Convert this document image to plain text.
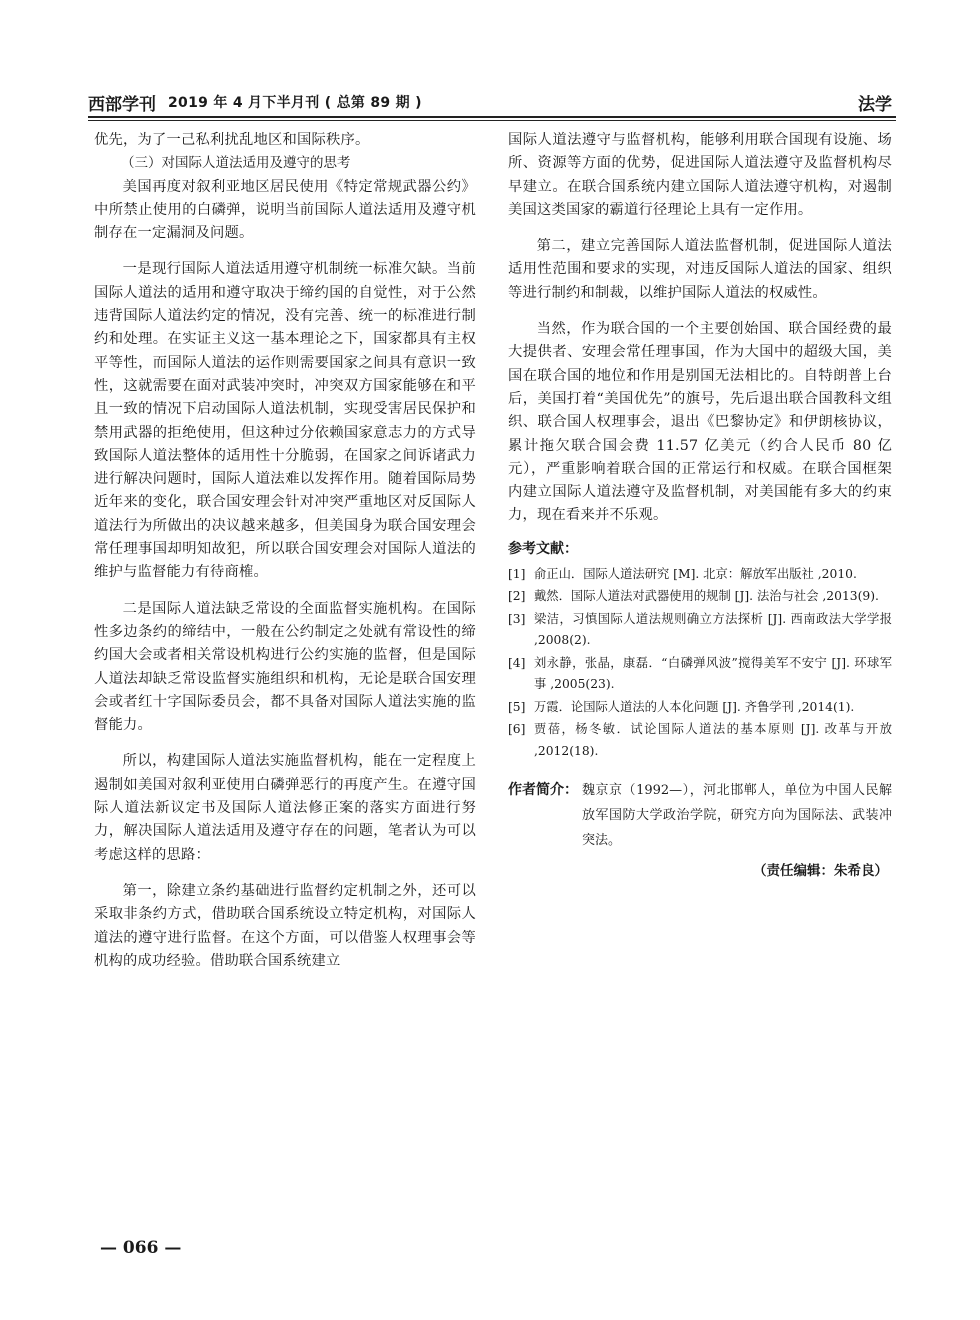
西部学刊 2019 年 4 月下半月刊 ( 总第 89 期 )	法学

优先，为了一己私利扰乱地区和国际秩序。

（三）对国际人道法适用及遵守的思考

美国再度对叙利亚地区居民使用《特定常规武器公约》中所禁止使用的白磷弹，说明当前国际人道法适用及遵守机制存在一定漏洞及问题。

一是现行国际人道法适用遵守机制统一标准欠缺。当前国际人道法的适用和遵守取决于缔约国的自觉性，对于公然违背国际人道法约定的情况，没有完善、统一的标准进行制约和处理。在实证主义这一基本理论之下，国家都具有主权平等性，而国际人道法的运作则需要国家之间具有意识一致性，这就需要在面对武装冲突时，冲突双方国家能够在和平且一致的情况下启动国际人道法机制，实现受害居民保护和禁用武器的拒绝使用，但这种过分依赖国家意志力的方式导致国际人道法整体的适用性十分脆弱，在国家之间诉诸武力进行解决问题时，国际人道法难以发挥作用。随着国际局势近年来的变化，联合国安理会针对冲突严重地区对反国际人道法行为所做出的决议越来越多，但美国身为联合国安理会常任理事国却明知故犯，所以联合国安理会对国际人道法的维护与监督能力有待商榷。

二是国际人道法缺乏常设的全面监督实施机构。在国际性多边条约的缔结中，一般在公约制定之处就有常设性的缔约国大会或者相关常设机构进行公约实施的监督，但是国际人道法却缺乏常设监督实施组织和机构，无论是联合国安理会或者红十字国际委员会，都不具备对国际人道法实施的监督能力。

所以，构建国际人道法实施监督机构，能在一定程度上遏制如美国对叙利亚使用白磷弹恶行的再度产生。在遵守国际人道法新议定书及国际人道法修正案的落实方面进行努力，解决国际人道法适用及遵守存在的问题，笔者认为可以考虑这样的思路：

第一，除建立条约基础进行监督约定机制之外，还可以采取非条约方式，借助联合国系统设立特定机构，对国际人道法的遵守进行监督。在这个方面，可以借鉴人权理事会等机构的成功经验。借助联合国系统建立

国际人道法遵守与监督机构，能够利用联合国现有设施、场所、资源等方面的优势，促进国际人道法遵守及监督机构尽早建立。在联合国系统内建立国际人道法遵守机构，对遏制美国这类国家的霸道行径理论上具有一定作用。

第二，建立完善国际人道法监督机制，促进国际人道法适用性范围和要求的实现，对违反国际人道法的国家、组织等进行制约和制裁，以维护国际人道法的权威性。

当然，作为联合国的一个主要创始国、联合国经费的最大提供者、安理会常任理事国，作为大国中的超级大国，美国在联合国的地位和作用是别国无法相比的。自特朗普上台后，美国打着“美国优先”的旗号，先后退出联合国教科文组织、联合国人权理事会，退出《巴黎协定》和伊朗核协议，累计拖欠联合国会费 11.57 亿美元（约合人民币 80 亿元），严重影响着联合国的正常运行和权威。在联合国框架内建立国际人道法遵守及监督机制，对美国能有多大的约束力，现在看来并不乐观。

参考文献：
[1] 俞正山．国际人道法研究 [M]. 北京：解放军出版社 ,2010.
[2] 戴然．国际人道法对武器使用的规制 [J]. 法治与社会 ,2013(9).
[3] 梁洁，习慎国际人道法规则确立方法探析 [J]. 西南政法大学学报 ,2008(2).
[4] 刘永静，张晶，康磊．“白磷弹风波”搅得美军不安宁 [J]. 环球军事 ,2005(23).
[5] 万霞．论国际人道法的人本化问题 [J]. 齐鲁学刊 ,2014(1).
[6] 贾蓓，杨冬敏．试论国际人道法的基本原则 [J]. 改革与开放 ,2012(18).
作者简介： 魏京京（1992—），河北邯郸人，单位为中国人民解放军国防大学政治学院，研究方向为国际法、武装冲突法。
（责任编辑：朱希良）
— 066 —
